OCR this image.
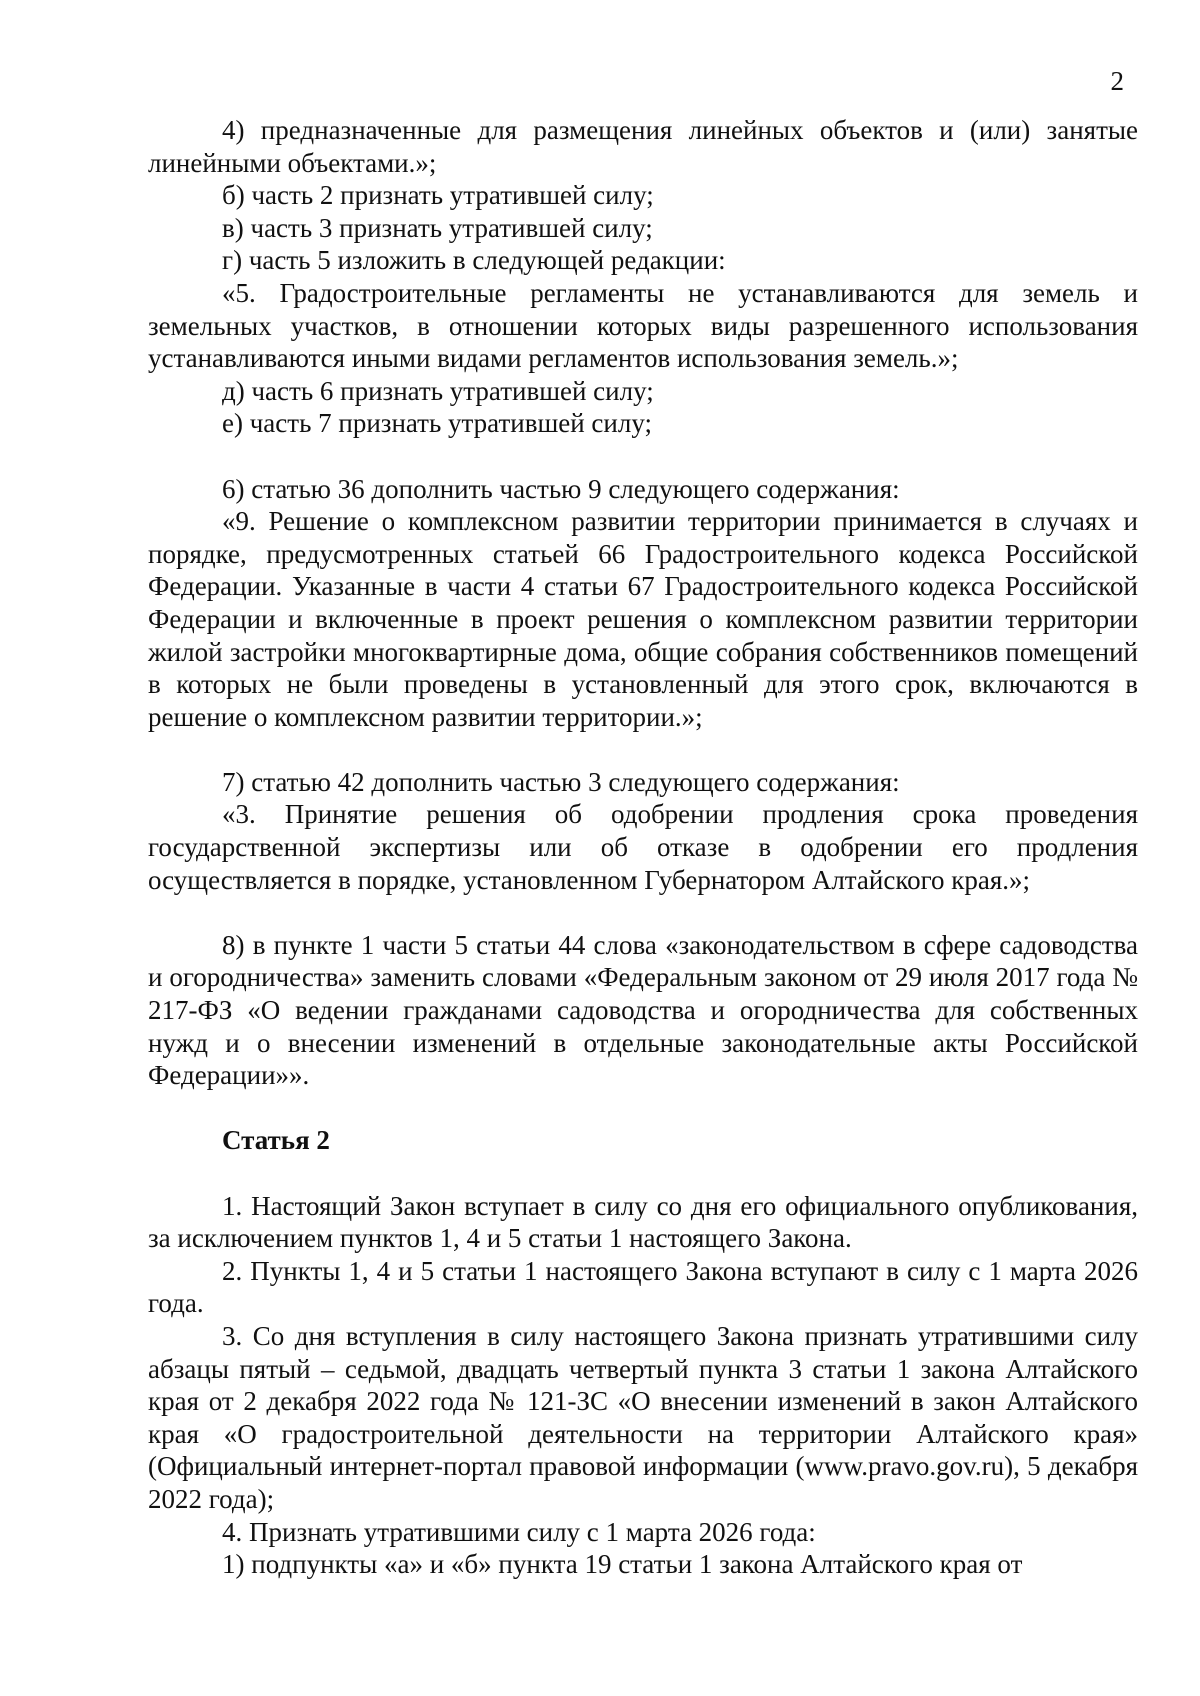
2

4) предназначенные для размещения линейных объектов и (или) занятые линейными объектами.»;

б) часть 2 признать утратившей силу;

в) часть 3 признать утратившей силу;

г) часть 5 изложить в следующей редакции:

«5. Градостроительные регламенты не устанавливаются для земель и земельных участков, в отношении которых виды разрешенного использования устанавливаются иными видами регламентов использования земель.»;

д) часть 6 признать утратившей силу;

е) часть 7 признать утратившей силу;

6) статью 36 дополнить частью 9 следующего содержания:

«9. Решение о комплексном развитии территории принимается в случаях и порядке, предусмотренных статьей 66 Градостроительного кодекса Российской Федерации. Указанные в части 4 статьи 67 Градостроительного кодекса Российской Федерации и включенные в проект решения о комплексном развитии территории жилой застройки многоквартирные дома, общие собрания собственников помещений в которых не были проведены в установленный для этого срок, включаются в решение о комплексном развитии территории.»;

7) статью 42 дополнить частью 3 следующего содержания:

«3. Принятие решения об одобрении продления срока проведения государственной экспертизы или об отказе в одобрении его продления осуществляется в порядке, установленном Губернатором Алтайского края.»;

8) в пункте 1 части 5 статьи 44 слова «законодательством в сфере садоводства и огородничества» заменить словами «Федеральным законом от 29 июля 2017 года № 217-ФЗ «О ведении гражданами садоводства и огородничества для собственных нужд и о внесении изменений в отдельные законодательные акты Российской Федерации»».

Статья 2

1. Настоящий Закон вступает в силу со дня его официального опубликования, за исключением пунктов 1, 4 и 5 статьи 1 настоящего Закона.

2. Пункты 1, 4 и 5 статьи 1 настоящего Закона вступают в силу с 1 марта 2026 года.

3. Со дня вступления в силу настоящего Закона признать утратившими силу абзацы пятый – седьмой, двадцать четвертый пункта 3 статьи 1 закона Алтайского края от 2 декабря 2022 года № 121-ЗС «О внесении изменений в закон Алтайского края «О градостроительной деятельности на территории Алтайского края» (Официальный интернет-портал правовой информации (www.pravo.gov.ru), 5 декабря 2022 года);

4. Признать утратившими силу с 1 марта 2026 года:

1) подпункты «а» и «б» пункта 19 статьи 1 закона Алтайского края от
